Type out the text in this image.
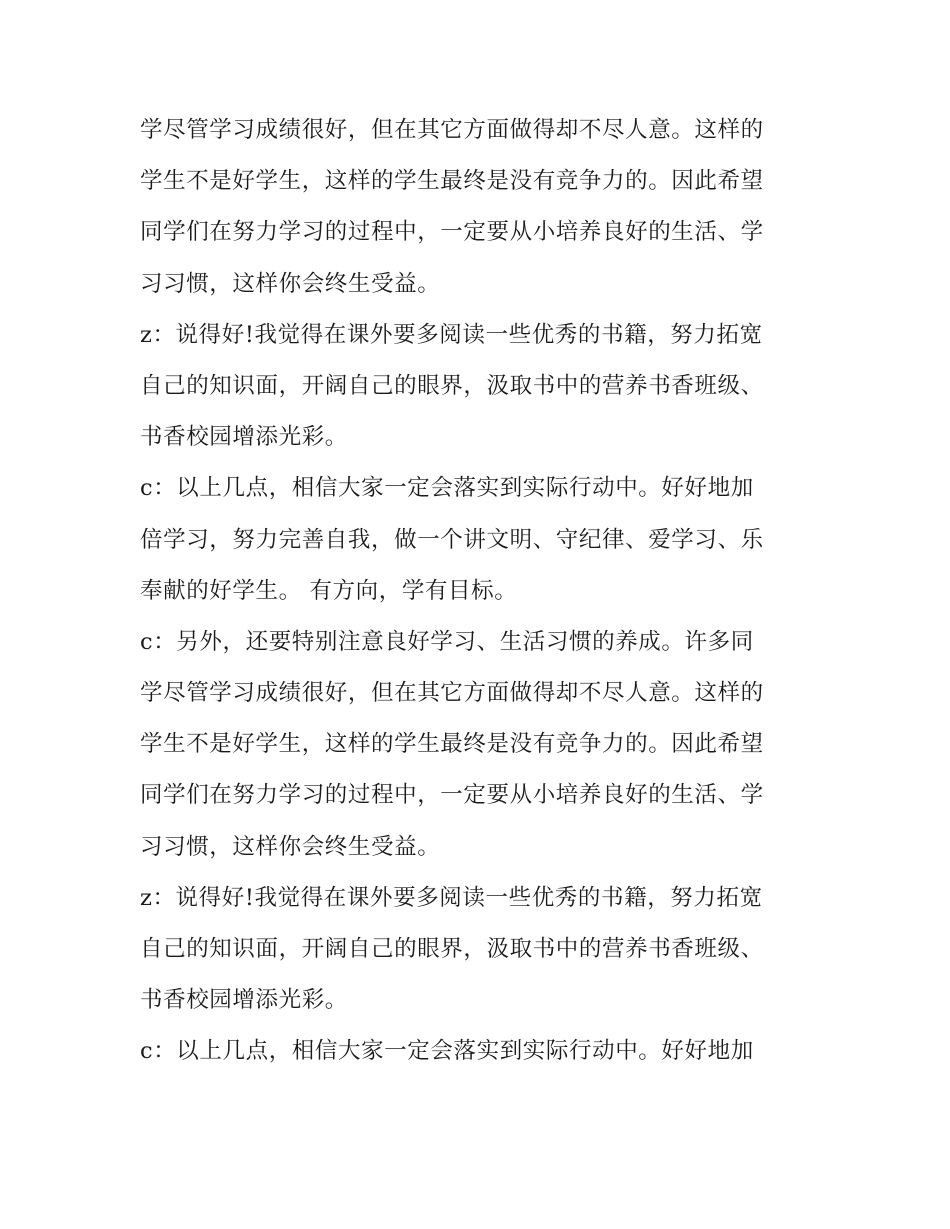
学尽管学习成绩很好，但在其它方面做得却不尽人意。这样的
学生不是好学生，这样的学生最终是没有竞争力的。因此希望
同学们在努力学习的过程中，一定要从小培养良好的生活、学
习习惯，这样你会终生受益。
z：说得好!我觉得在课外要多阅读一些优秀的书籍，努力拓宽
自己的知识面，开阔自己的眼界，汲取书中的营养书香班级、
书香校园增添光彩。
c：以上几点，相信大家一定会落实到实际行动中。好好地加
倍学习，努力完善自我，做一个讲文明、守纪律、爱学习、乐
奉献的好学生。 有方向，学有目标。
c：另外，还要特别注意良好学习、生活习惯的养成。许多同
学尽管学习成绩很好，但在其它方面做得却不尽人意。这样的
学生不是好学生，这样的学生最终是没有竞争力的。因此希望
同学们在努力学习的过程中，一定要从小培养良好的生活、学
习习惯，这样你会终生受益。
z：说得好!我觉得在课外要多阅读一些优秀的书籍，努力拓宽
自己的知识面，开阔自己的眼界，汲取书中的营养书香班级、
书香校园增添光彩。
c：以上几点，相信大家一定会落实到实际行动中。好好地加
